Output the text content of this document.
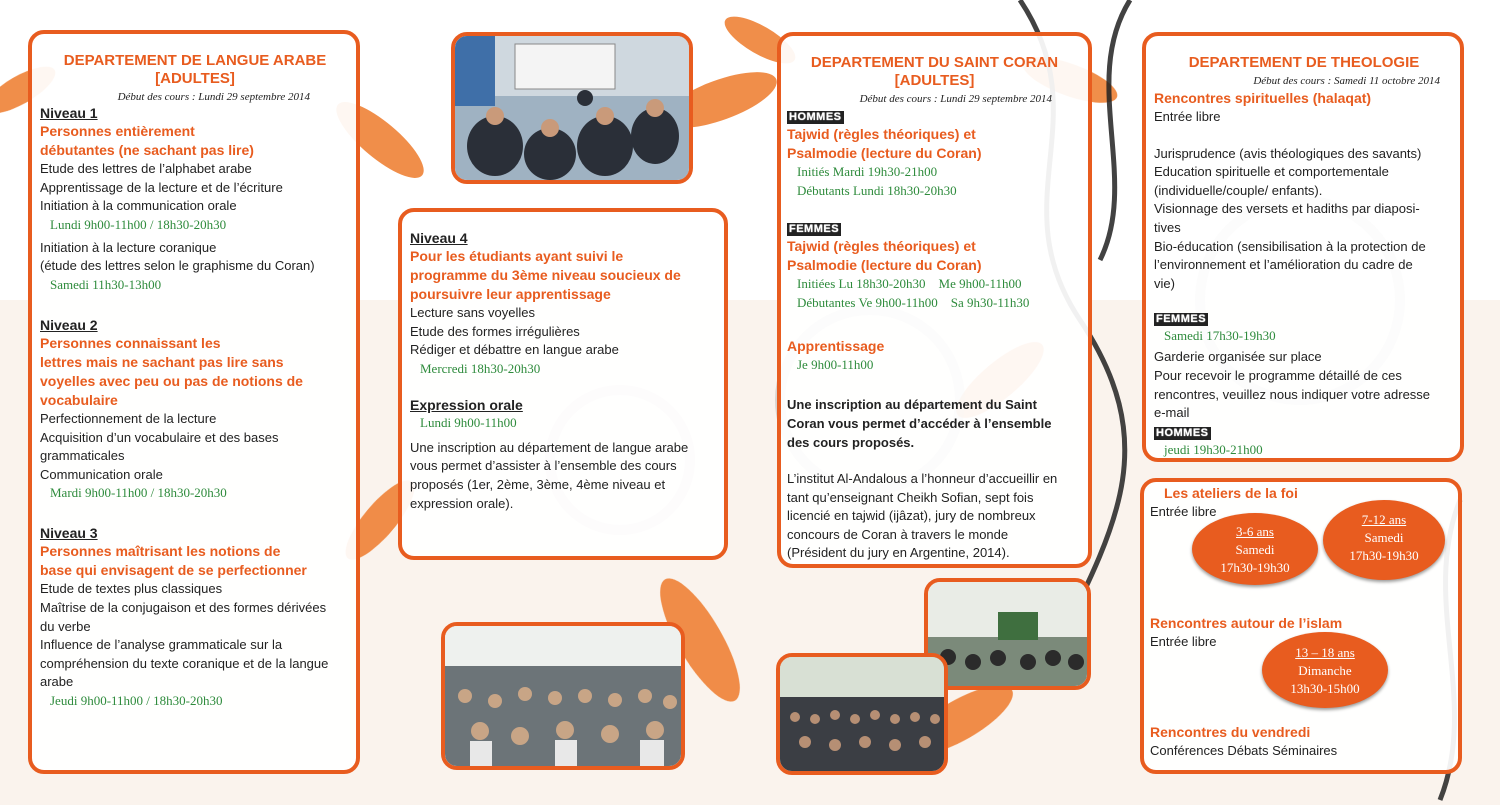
DEPARTEMENT DE LANGUE ARABE

[ADULTES]

Début des cours : Lundi 29 septembre 2014

Niveau 1

Personnes entièrement

débutantes (ne sachant pas lire)

Etude des lettres de l’alphabet arabe

Apprentissage de la lecture et de l’écriture

Initiation à la communication orale

Lundi 9h00-11h00 / 18h30-20h30

Initiation à la lecture coranique

(étude des lettres selon le graphisme du Coran)

Samedi 11h30-13h00

Niveau 2

Personnes connaissant les

lettres mais ne sachant pas lire sans

voyelles avec peu ou pas de notions de

vocabulaire

Perfectionnement de la lecture

Acquisition d’un vocabulaire et des bases

grammaticales

Communication orale

Mardi 9h00-11h00 / 18h30-20h30

Niveau 3

Personnes maîtrisant les notions de

base qui envisagent de se perfectionner

Etude de textes plus classiques

Maîtrise de la conjugaison et des formes dérivées

du verbe

Influence de l’analyse grammaticale sur la

compréhension du texte coranique et de la langue

arabe

Jeudi 9h00-11h00 / 18h30-20h30

Niveau 4

Pour les étudiants ayant suivi le

programme du 3ème niveau soucieux de

poursuivre leur apprentissage

Lecture sans voyelles

Etude des formes irrégulières

Rédiger et débattre en langue arabe

Mercredi 18h30-20h30

Expression orale

Lundi 9h00-11h00

Une inscription au département de langue arabe

vous permet d’assister à l’ensemble des cours

proposés (1er, 2ème, 3ème, 4ème niveau et

expression orale).

DEPARTEMENT DU SAINT CORAN

[ADULTES]

Début des cours : Lundi 29 septembre 2014

HOMMES

Tajwid (règles théoriques) et

Psalmodie (lecture du Coran)

Initiés Mardi 19h30-21h00

Débutants Lundi 18h30-20h30

FEMMES

Tajwid (règles théoriques) et

Psalmodie (lecture du Coran)

Initiées Lu 18h30-20h30    Me 9h00-11h00

Débutantes Ve 9h00-11h00    Sa 9h30-11h30

Apprentissage

Je 9h00-11h00

Une inscription au département du Saint

Coran vous permet d’accéder à l’ensemble

des cours proposés.

L’institut Al-Andalous a l’honneur d’accueillir en

tant qu’enseignant Cheikh Sofian, sept fois

licencié en tajwid (ijâzat), jury de nombreux

concours de Coran à travers le monde

(Président du jury en Argentine, 2014).

DEPARTEMENT DE THEOLOGIE

Début des cours : Samedi 11 octobre 2014

Rencontres spirituelles (halaqat)

Entrée libre

Jurisprudence (avis théologiques des savants)

Education spirituelle et comportementale

(individuelle/couple/ enfants).

Visionnage des versets et hadiths par diaposi-

tives

Bio-éducation (sensibilisation à la protection de

l’environnement et l’amélioration du cadre de

vie)

FEMMES

Samedi 17h30-19h30

Garderie organisée sur place

Pour recevoir le programme détaillé de ces

rencontres, veuillez nous indiquer votre adresse

e-mail

HOMMES

jeudi 19h30-21h00

Les ateliers de la foi

Entrée libre

Rencontres autour de l’islam

Entrée libre

Rencontres du vendredi

Conférences Débats Séminaires

3-6 ans
Samedi
17h30-19h30
7-12 ans
Samedi
17h30-19h30
13 – 18 ans
Dimanche
13h30-15h00
